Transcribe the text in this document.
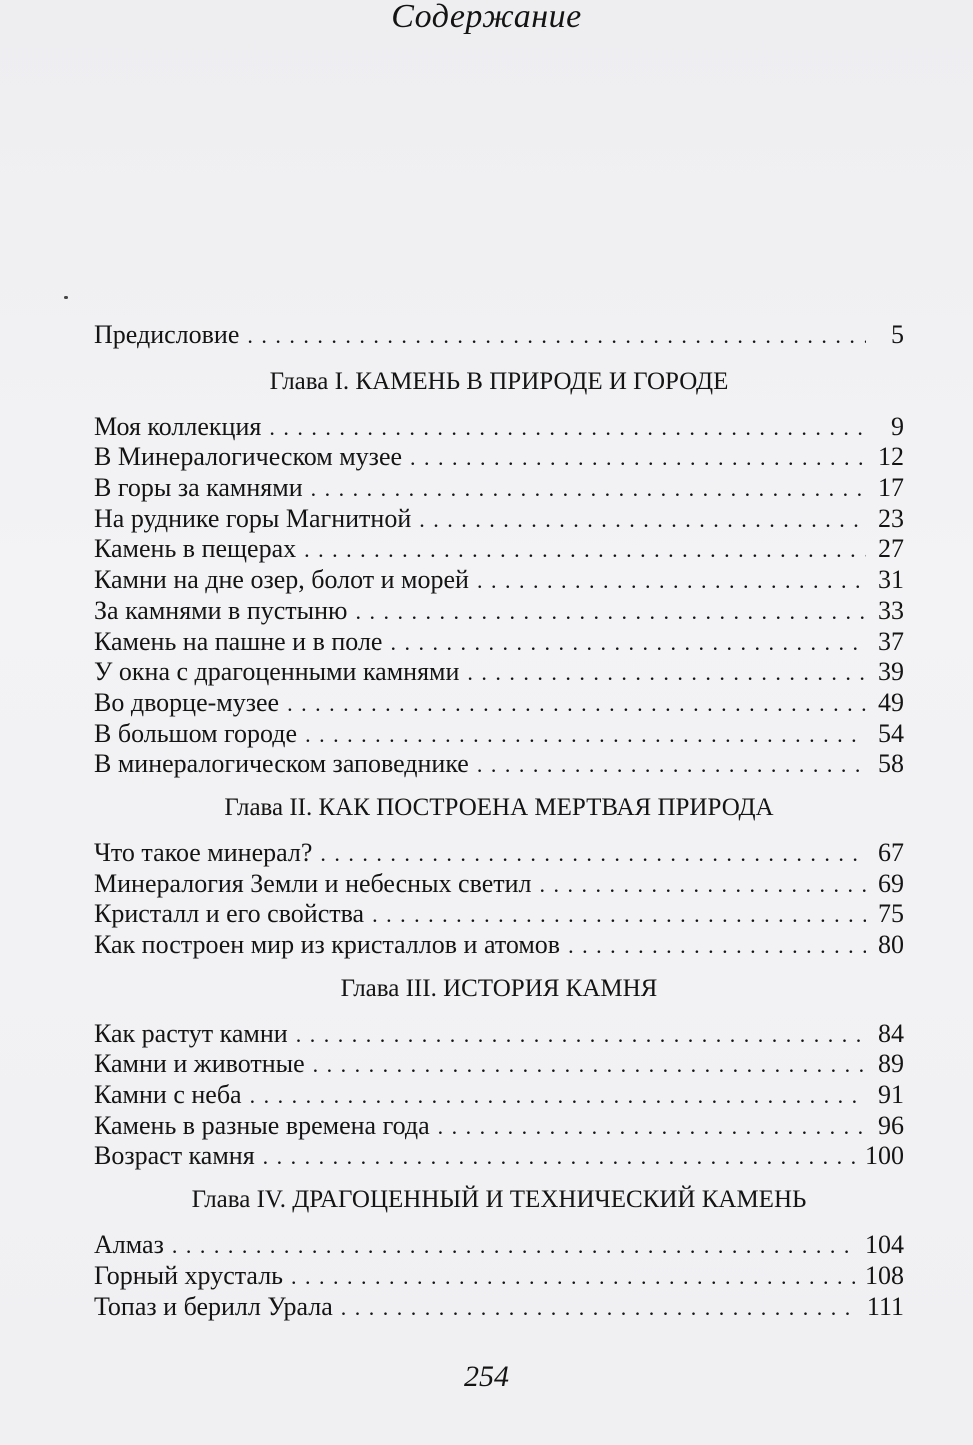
Содержание
Предисловие . . .	5
Глава I. КАМЕНЬ В ПРИРОДЕ И ГОРОДЕ
Моя коллекция . . .	9
В Минералогическом музее . . .	12
В горы за камнями . . .	17
На руднике горы Магнитной . . .	23
Камень в пещерах . . .	27
Камни на дне озер, болот и морей . . .	31
За камнями в пустыню . . .	33
Камень на пашне и в поле . . .	37
У окна с драгоценными камнями . . .	39
Во дворце-музее . . .	49
В большом городе . . .	54
В минералогическом заповеднике . . .	58
Глава II. КАК ПОСТРОЕНА МЕРТВАЯ ПРИРОДА
Что такое минерал? . . .	67
Минералогия Земли и небесных светил . . .	69
Кристалл и его свойства . . .	75
Как построен мир из кристаллов и атомов . . .	80
Глава III. ИСТОРИЯ КАМНЯ
Как растут камни . . .	84
Камни и животные . . .	89
Камни с неба . . .	91
Камень в разные времена года . . .	96
Возраст камня . . .	100
Глава IV. ДРАГОЦЕННЫЙ И ТЕХНИЧЕСКИЙ КАМЕНЬ
Алмаз . . .	104
Горный хрусталь . . .	108
Топаз и берилл Урала . . .	111
254
